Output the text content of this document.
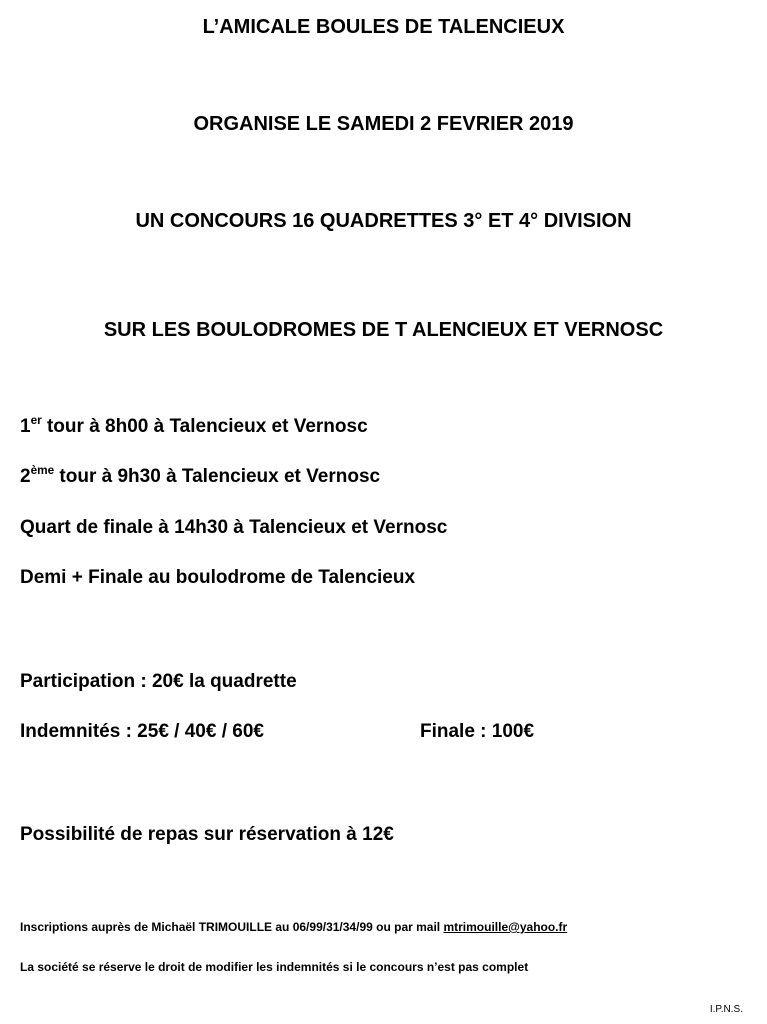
L’AMICALE BOULES DE TALENCIEUX
ORGANISE LE SAMEDI 2 FEVRIER 2019
UN CONCOURS 16 QUADRETTES 3° ET 4° DIVISION
SUR LES BOULODROMES DE T ALENCIEUX ET VERNOSC
1er tour à 8h00 à Talencieux et Vernosc
2ème tour à 9h30 à Talencieux et Vernosc
Quart de finale à 14h30 à Talencieux et Vernosc
Demi + Finale au boulodrome de Talencieux
Participation : 20€ la quadrette
Indemnités : 25€ / 40€ / 60€	Finale : 100€
Possibilité de repas sur réservation à 12€
Inscriptions auprès de Michaël TRIMOUILLE au 06/99/31/34/99 ou par mail mtrimouille@yahoo.fr
La société se réserve le droit de modifier les indemnités si le concours n’est pas complet
I.P.N.S.
